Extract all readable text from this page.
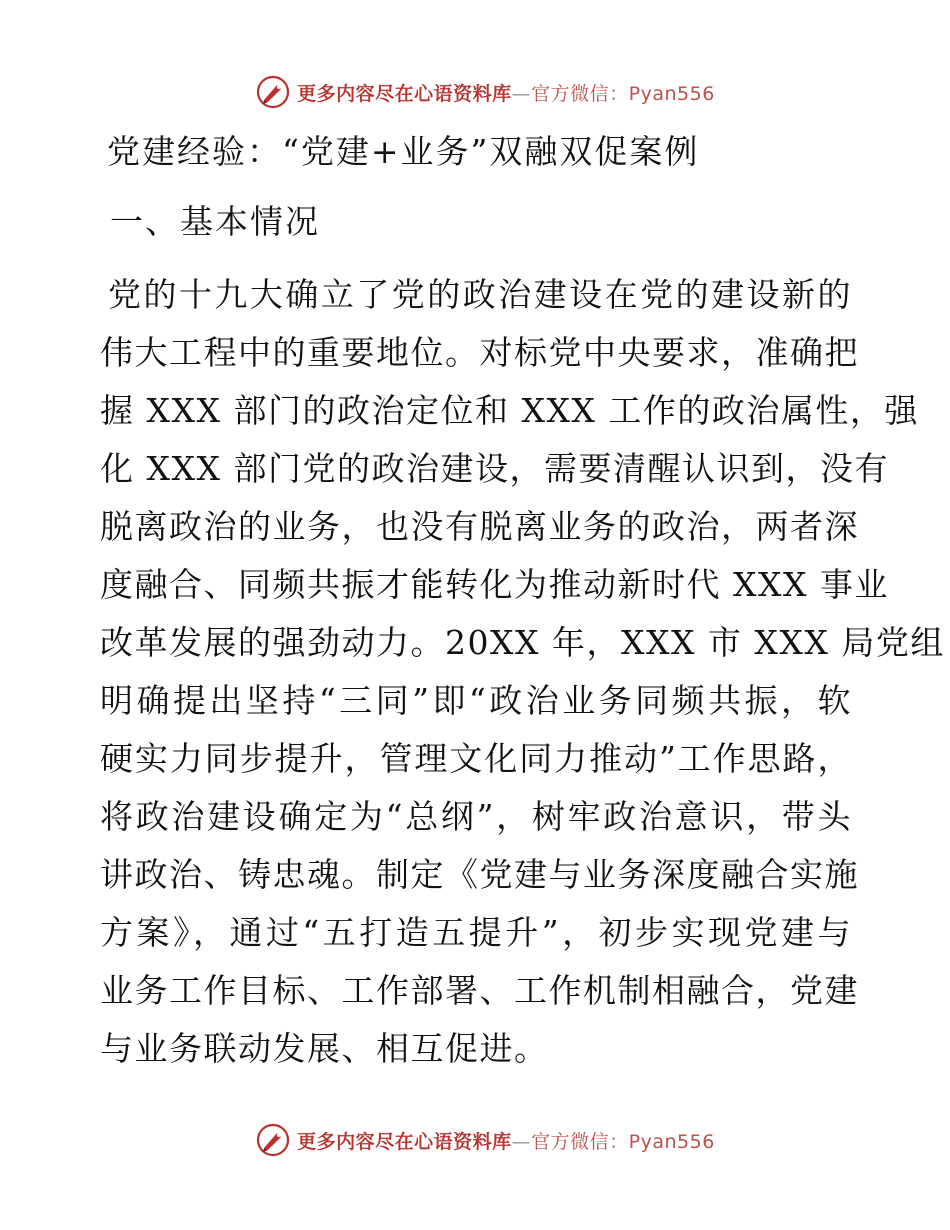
更多内容尽在心语资料库—官方微信：Pyan556
党建经验：“党建+业务”双融双促案例
一、基本情况
党的十九大确立了党的政治建设在党的建设新的
伟大工程中的重要地位。对标党中央要求，准确把
握 XXX 部门的政治定位和 XXX 工作的政治属性，强
化 XXX 部门党的政治建设，需要清醒认识到，没有
脱离政治的业务，也没有脱离业务的政治，两者深
度融合、同频共振才能转化为推动新时代 XXX 事业
改革发展的强劲动力。20XX 年，XXX 市 XXX 局党组
明确提出坚持“三同”即“政治业务同频共振，软
硬实力同步提升，管理文化同力推动”工作思路，
将政治建设确定为“总纲”，树牢政治意识，带头
讲政治、铸忠魂。制定《党建与业务深度融合实施
方案》，通过“五打造五提升”，初步实现党建与
业务工作目标、工作部署、工作机制相融合，党建
与业务联动发展、相互促进。
更多内容尽在心语资料库—官方微信：Pyan556
